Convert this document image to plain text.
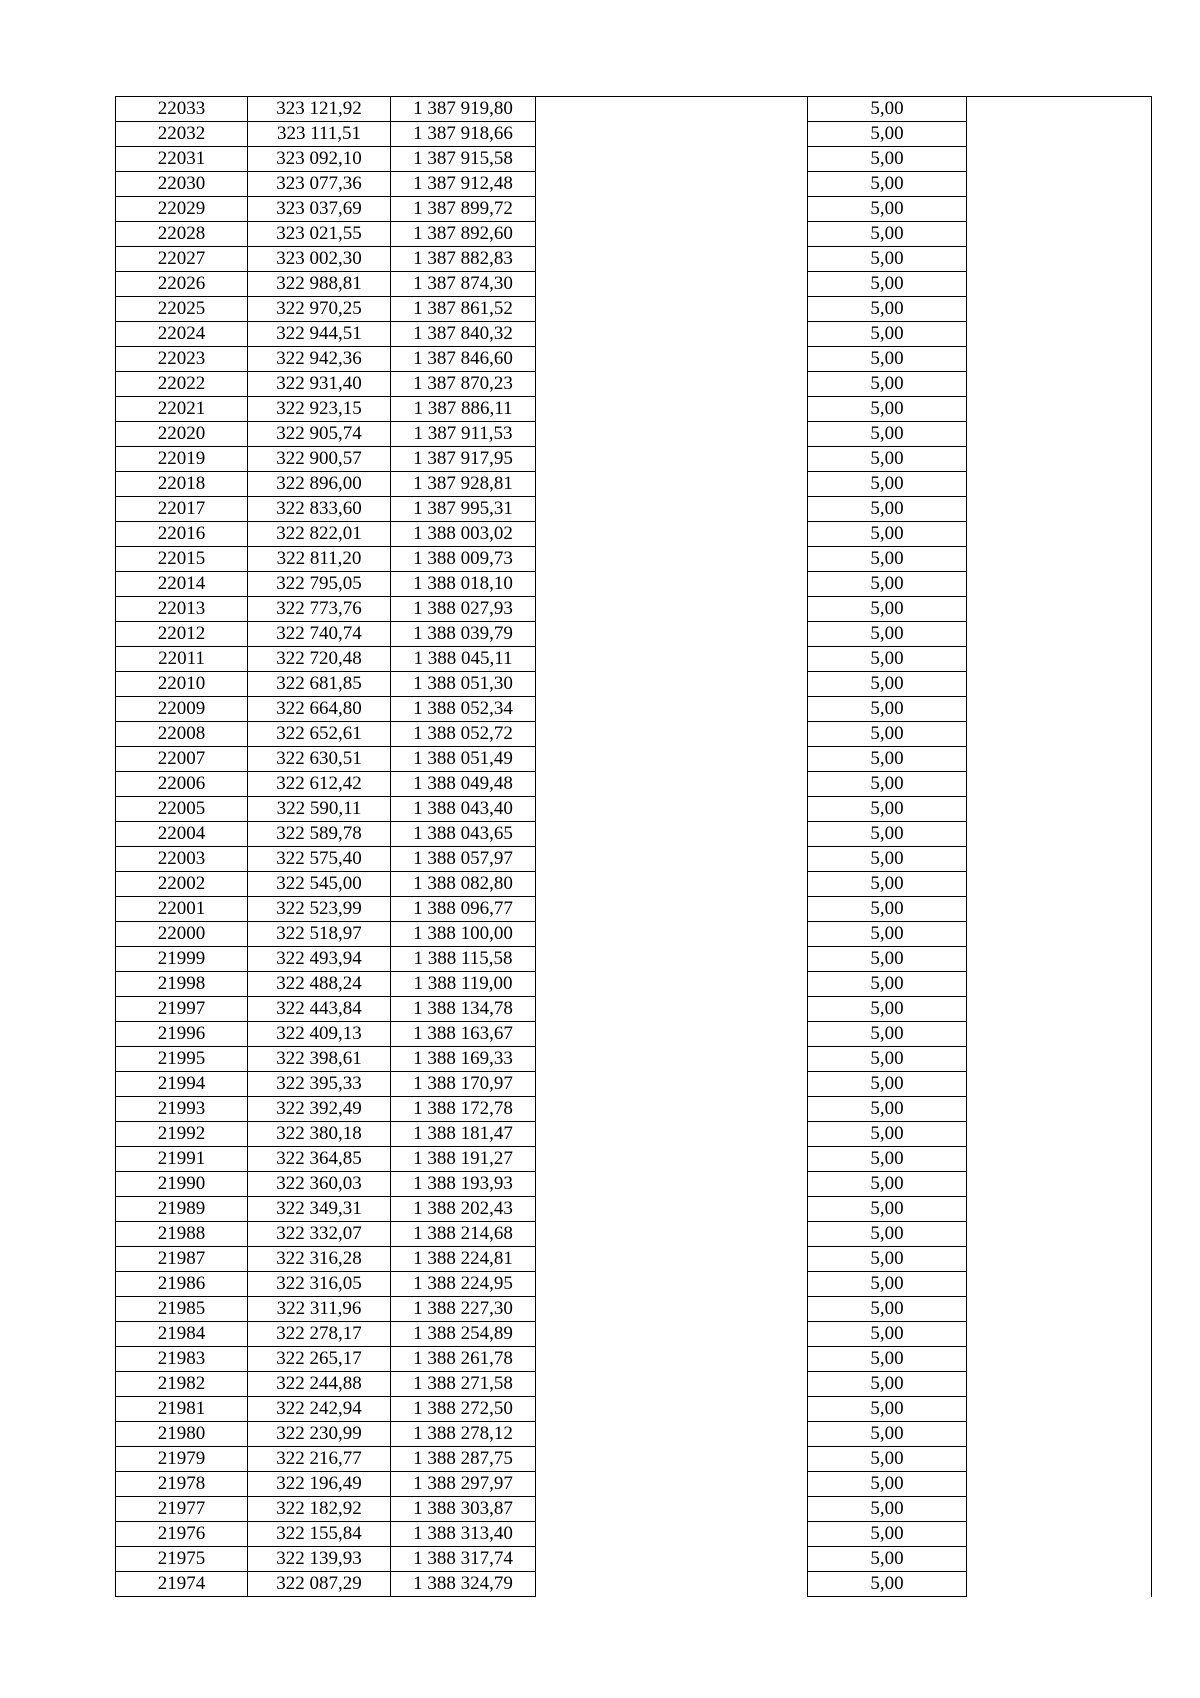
22033	323 121,92	1 387 919,80		5,00	
22032	323 111,51	1 387 918,66		5,00	
22031	323 092,10	1 387 915,58		5,00	
22030	323 077,36	1 387 912,48		5,00	
22029	323 037,69	1 387 899,72		5,00	
22028	323 021,55	1 387 892,60		5,00	
22027	323 002,30	1 387 882,83		5,00	
22026	322 988,81	1 387 874,30		5,00	
22025	322 970,25	1 387 861,52		5,00	
22024	322 944,51	1 387 840,32		5,00	
22023	322 942,36	1 387 846,60		5,00	
22022	322 931,40	1 387 870,23		5,00	
22021	322 923,15	1 387 886,11		5,00	
22020	322 905,74	1 387 911,53		5,00	
22019	322 900,57	1 387 917,95		5,00	
22018	322 896,00	1 387 928,81		5,00	
22017	322 833,60	1 387 995,31		5,00	
22016	322 822,01	1 388 003,02		5,00	
22015	322 811,20	1 388 009,73		5,00	
22014	322 795,05	1 388 018,10		5,00	
22013	322 773,76	1 388 027,93		5,00	
22012	322 740,74	1 388 039,79		5,00	
22011	322 720,48	1 388 045,11		5,00	
22010	322 681,85	1 388 051,30		5,00	
22009	322 664,80	1 388 052,34		5,00	
22008	322 652,61	1 388 052,72		5,00	
22007	322 630,51	1 388 051,49		5,00	
22006	322 612,42	1 388 049,48		5,00	
22005	322 590,11	1 388 043,40		5,00	
22004	322 589,78	1 388 043,65		5,00	
22003	322 575,40	1 388 057,97		5,00	
22002	322 545,00	1 388 082,80		5,00	
22001	322 523,99	1 388 096,77		5,00	
22000	322 518,97	1 388 100,00		5,00	
21999	322 493,94	1 388 115,58		5,00	
21998	322 488,24	1 388 119,00		5,00	
21997	322 443,84	1 388 134,78		5,00	
21996	322 409,13	1 388 163,67		5,00	
21995	322 398,61	1 388 169,33		5,00	
21994	322 395,33	1 388 170,97		5,00	
21993	322 392,49	1 388 172,78		5,00	
21992	322 380,18	1 388 181,47		5,00	
21991	322 364,85	1 388 191,27		5,00	
21990	322 360,03	1 388 193,93		5,00	
21989	322 349,31	1 388 202,43		5,00	
21988	322 332,07	1 388 214,68		5,00	
21987	322 316,28	1 388 224,81		5,00	
21986	322 316,05	1 388 224,95		5,00	
21985	322 311,96	1 388 227,30		5,00	
21984	322 278,17	1 388 254,89		5,00	
21983	322 265,17	1 388 261,78		5,00	
21982	322 244,88	1 388 271,58		5,00	
21981	322 242,94	1 388 272,50		5,00	
21980	322 230,99	1 388 278,12		5,00	
21979	322 216,77	1 388 287,75		5,00	
21978	322 196,49	1 388 297,97		5,00	
21977	322 182,92	1 388 303,87		5,00	
21976	322 155,84	1 388 313,40		5,00	
21975	322 139,93	1 388 317,74		5,00	
21974	322 087,29	1 388 324,79		5,00	
